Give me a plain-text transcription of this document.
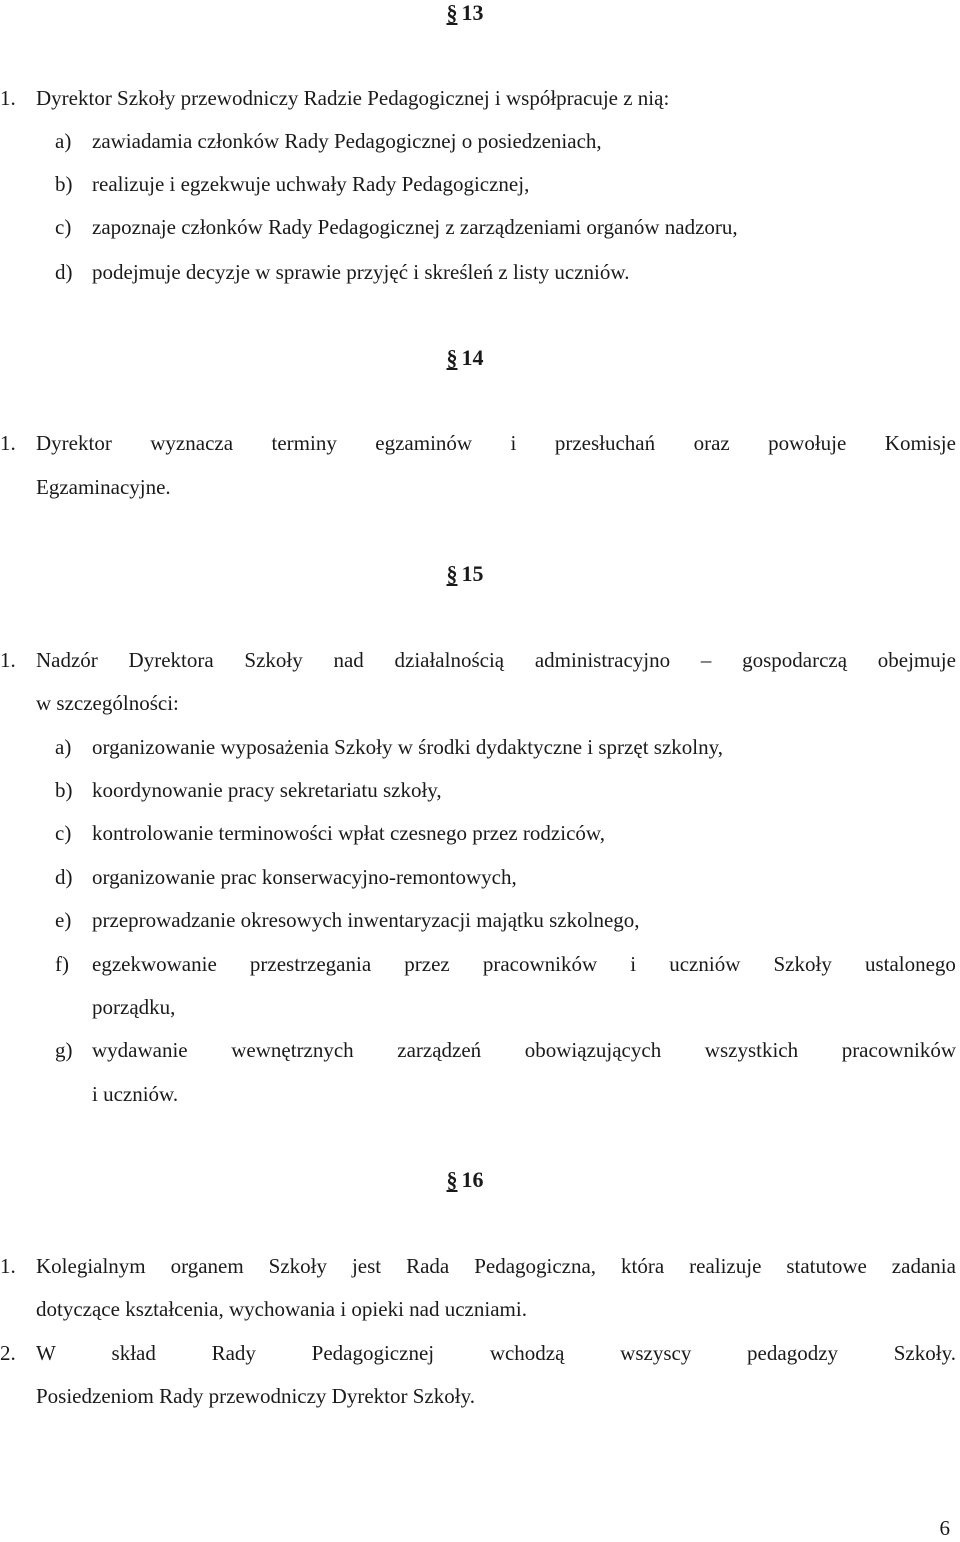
§ 13
1. Dyrektor Szkoły przewodniczy Radzie Pedagogicznej i współpracuje z nią:
a) zawiadamia członków Rady Pedagogicznej o posiedzeniach,
b) realizuje i egzekwuje uchwały Rady Pedagogicznej,
c) zapoznaje członków Rady Pedagogicznej z zarządzeniami organów nadzoru,
d) podejmuje decyzje w sprawie przyjęć i skreśleń z listy uczniów.
§ 14
1. Dyrektor wyznacza terminy egzaminów i przesłuchań oraz powołuje Komisje
Egzaminacyjne.
§ 15
1. Nadzór Dyrektora Szkoły nad działalnością administracyjno – gospodarczą obejmuje
w szczególności:
a) organizowanie wyposażenia Szkoły w środki dydaktyczne i sprzęt szkolny,
b) koordynowanie pracy sekretariatu szkoły,
c) kontrolowanie terminowości wpłat czesnego przez rodziców,
d) organizowanie prac konserwacyjno-remontowych,
e) przeprowadzanie okresowych inwentaryzacji majątku szkolnego,
f) egzekwowanie przestrzegania przez pracowników i uczniów Szkoły ustalonego
porządku,
g) wydawanie wewnętrznych zarządzeń obowiązujących wszystkich pracowników
i uczniów.
§ 16
1. Kolegialnym organem Szkoły jest Rada Pedagogiczna, która realizuje statutowe zadania
dotyczące kształcenia, wychowania i opieki nad uczniami.
2. W	skład	Rady	Pedagogicznej	wchodzą	wszyscy	pedagodzy	Szkoły.
Posiedzeniom Rady przewodniczy Dyrektor Szkoły.
6
